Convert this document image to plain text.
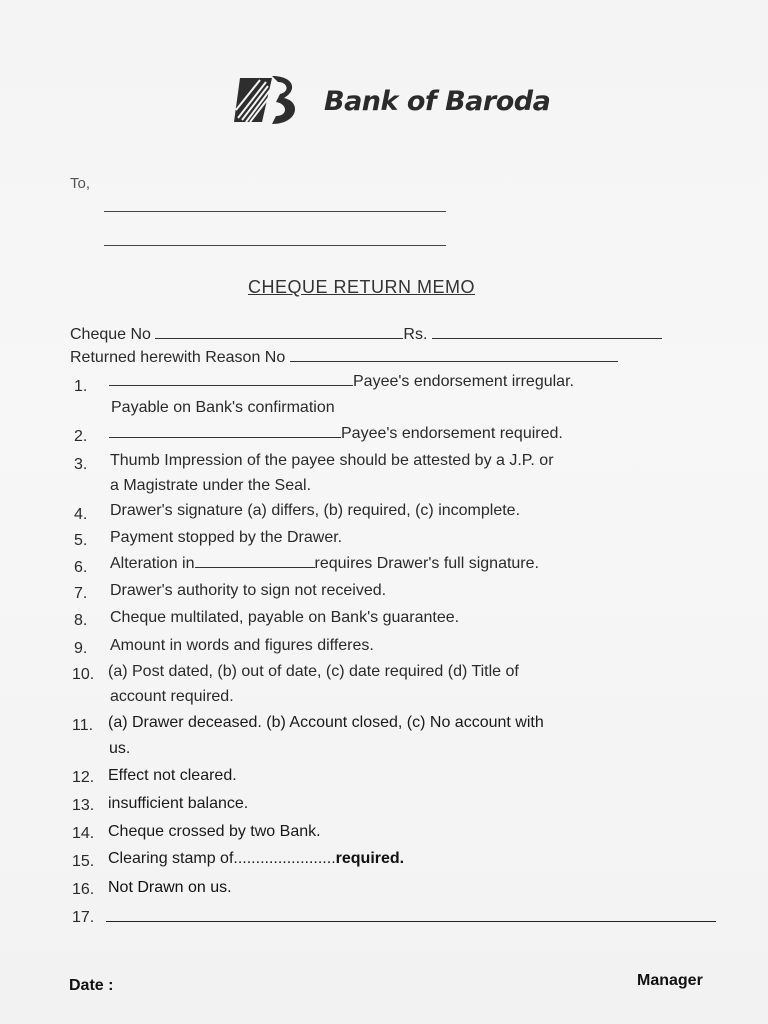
Bank of Baroda
To,
CHEQUE RETURN MEMO
Cheque No	Rs.
Returned herewith Reason No
1.	Payee's endorsement irregular.
Payable on Bank's confirmation
2.	Payee's endorsement required.
3. Thumb Impression of the payee should be attested by a J.P. or
a Magistrate under the Seal.
4. Drawer's signature (a) differs, (b) required, (c) incomplete.
5. Payment stopped by the Drawer.
6. Alteration in	requires Drawer's full signature.
7. Drawer's authority to sign not received.
8. Cheque multilated, payable on Bank's guarantee.
9. Amount in words and figures differes.
10. (a) Post dated, (b) out of date, (c) date required (d) Title of
account required.
11. (a) Drawer deceased. (b) Account closed, (c) No account with
us.
12. Effect not cleared.
13. insufficient balance.
14. Cheque crossed by two Bank.
15. Clearing stamp of.......................required.
16. Not Drawn on us.
17.
Date :	Manager
